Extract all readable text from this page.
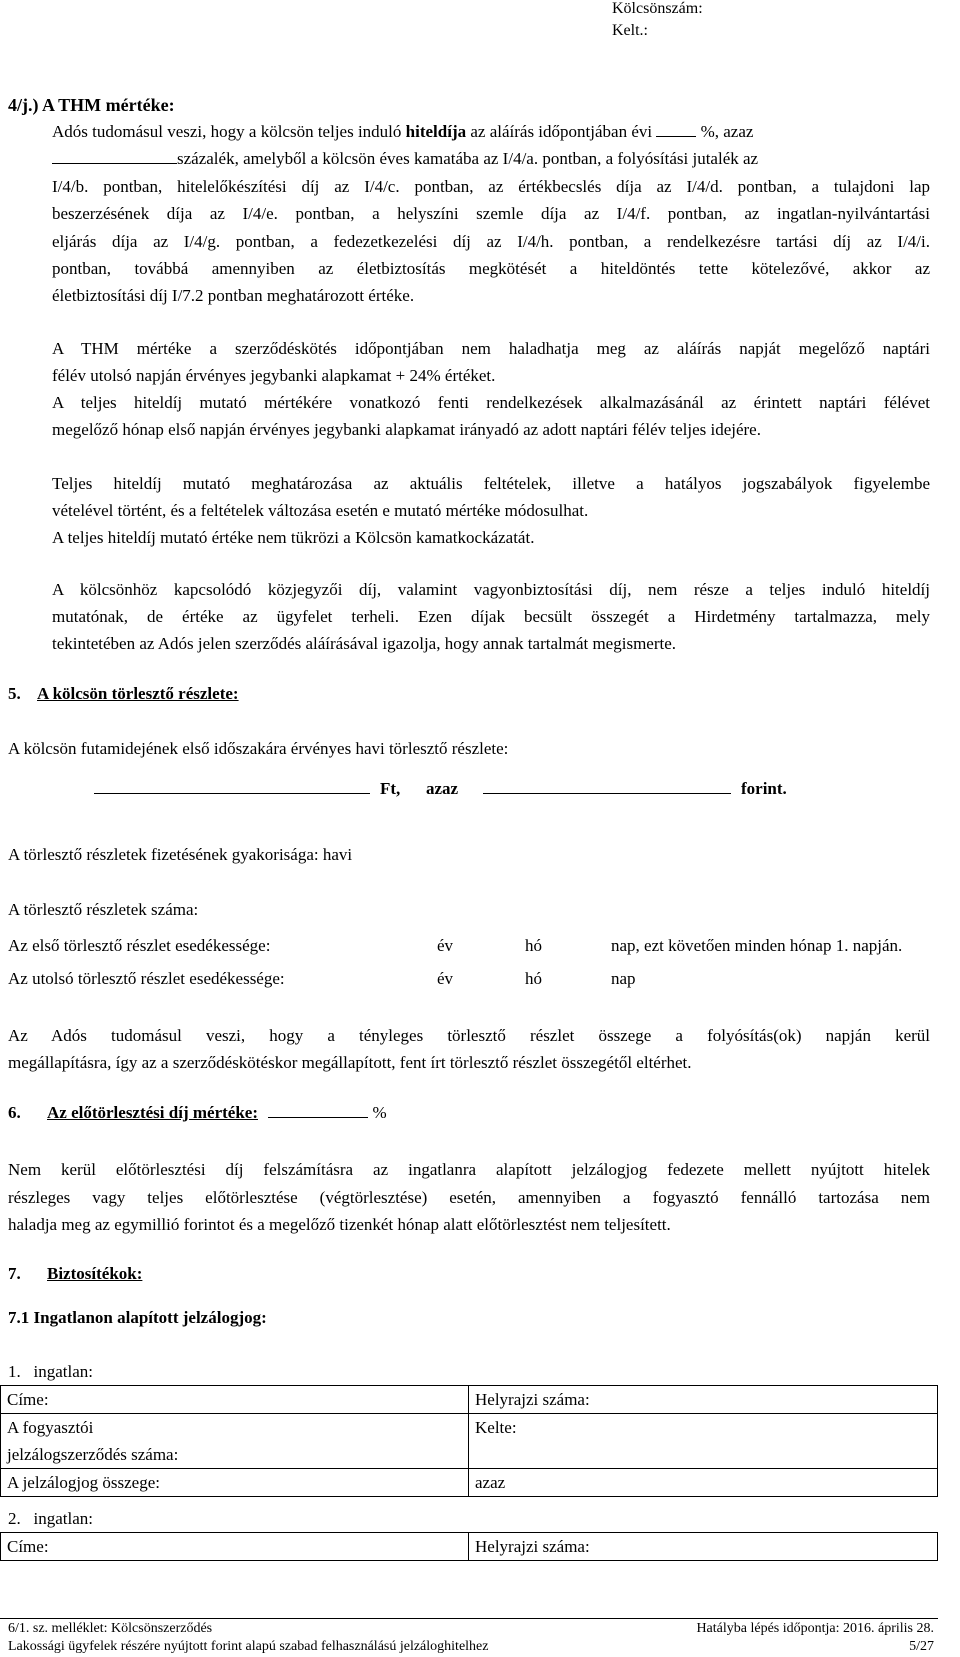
Kölcsönszám:
Kelt.:
4/j.) A THM mértéke:
Adós tudomásul veszi, hogy a kölcsön teljes induló hiteldíja az aláírás időpontjában évi	%, azaz
százalék, amelyből a kölcsön éves kamatába az I/4/a. pontban, a folyósítási jutalék az
I/4/b. pontban, hitelelőkészítési díj az I/4/c. pontban, az értékbecslés díja az I/4/d. pontban, a tulajdoni lap
beszerzésének díja az I/4/e. pontban, a helyszíni szemle díja az I/4/f. pontban, az ingatlan-nyilvántartási
eljárás díja az I/4/g. pontban, a fedezetkezelési díj az I/4/h. pontban, a rendelkezésre tartási díj az I/4/i.
pontban, továbbá amennyiben az életbiztosítás megkötését a hiteldöntés tette kötelezővé, akkor az
életbiztosítási díj I/7.2 pontban meghatározott értéke.
A THM mértéke a szerződéskötés időpontjában nem haladhatja meg az aláírás napját megelőző naptári
félév utolsó napján érvényes jegybanki alapkamat + 24% értéket.
A teljes hiteldíj mutató mértékére vonatkozó fenti rendelkezések alkalmazásánál az érintett naptári félévet
megelőző hónap első napján érvényes jegybanki alapkamat irányadó az adott naptári félév teljes idejére.
Teljes hiteldíj mutató meghatározása az aktuális feltételek, illetve a hatályos jogszabályok figyelembe
vételével történt, és a feltételek változása esetén e mutató mértéke módosulhat.
A teljes hiteldíj mutató értéke nem tükrözi a Kölcsön kamatkockázatát.
A kölcsönhöz kapcsolódó közjegyzői díj, valamint vagyonbiztosítási díj, nem része a teljes induló hiteldíj
mutatónak, de értéke az ügyfelet terheli. Ezen díjak becsült összegét a Hirdetmény tartalmazza, mely
tekintetében az Adós jelen szerződés aláírásával igazolja, hogy annak tartalmát megismerte.
5. A kölcsön törlesztő részlete:
A kölcsön futamidejének első időszakára érvényes havi törlesztő részlete:
Ft, azaz	forint.
A törlesztő részletek fizetésének gyakorisága: havi
A törlesztő részletek száma:
Az első törlesztő részlet esedékessége:	év	hó	nap, ezt követően minden hónap 1. napján.
Az utolsó törlesztő részlet esedékessége:	év	hó	nap
Az Adós tudomásul veszi, hogy a tényleges törlesztő részlet összege a folyósítás(ok) napján kerül
megállapításra, így az a szerződéskötéskor megállapított, fent írt törlesztő részlet összegétől eltérhet.
6. Az előtörlesztési díj mértéke:	%
Nem kerül előtörlesztési díj felszámításra az ingatlanra alapított jelzálogjog fedezete mellett nyújtott hitelek
részleges vagy teljes előtörlesztése (végtörlesztése) esetén, amennyiben a fogyasztó fennálló tartozása nem
haladja meg az egymillió forintot és a megelőző tizenkét hónap alatt előtörlesztést nem teljesített.
7. Biztosítékok:
7.1 Ingatlanon alapított jelzálogjog:
1.   ingatlan:
Címe:	Helyrajzi száma:

A fogyasztói
jelzálogszerződés száma:	Kelte:
A jelzálogjog összege:	azaz
2.   ingatlan:
Címe:	Helyrajzi száma:
6/1. sz. melléklet: Kölcsönszerződés
Lakossági ügyfelek részére nyújtott forint alapú szabad felhasználású jelzáloghitelhez
Hatályba lépés időpontja: 2016. április 28.
5/27
